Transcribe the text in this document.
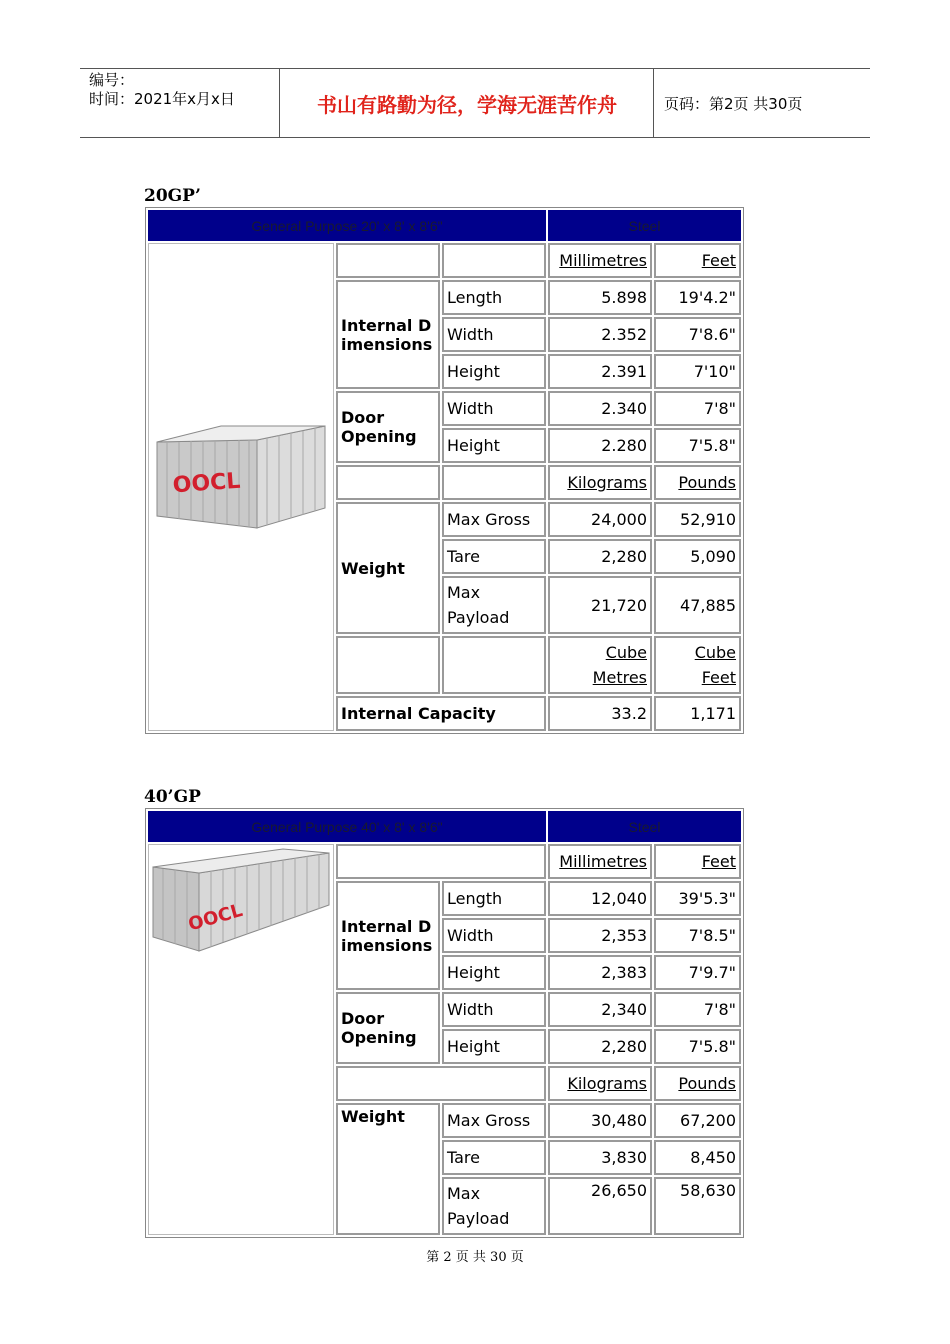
编号：
时间：2021年x月x日	书山有路勤为径，学海无涯苦作舟	页码：第2页 共30页
20GP’
General Purpose 20' x 8' x 8'6"			Steel	

OOCL			Millimetres	Feet
	Internal Dimensions	Length	5.898	19'4.2"
		Width	2.352	7'8.6"
		Height	2.391	7'10"
	Door Opening	Width	2.340	7'8"
		Height	2.280	7'5.8"
			Kilograms	Pounds
	Weight	Max Gross	24,000	52,910
		Tare	2,280	5,090
		Max Payload	21,720	47,885
			Cube Metres	Cube Feet
	Internal Capacity		33.2	1,171
40’GP
General Purpose 40' x 8' x 8'6"			Steel	

OOCL			Millimetres	Feet
	Internal Dimensions	Length	12,040	39'5.3"
		Width	2,353	7'8.5"
		Height	2,383	7'9.7"
	Door Opening	Width	2,340	7'8"
		Height	2,280	7'5.8"
			Kilograms	Pounds
	Weight	Max Gross	30,480	67,200
		Tare	3,830	8,450
		Max Payload	26,650	58,630
第 2 页 共 30 页
